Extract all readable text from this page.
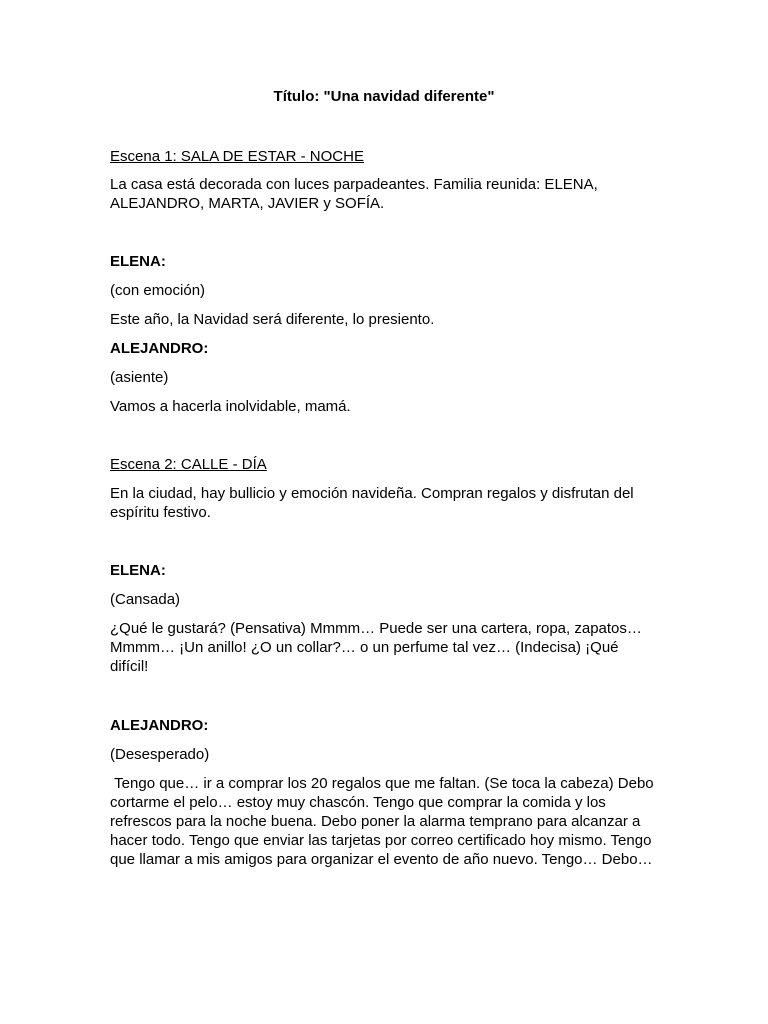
Título: "Una navidad diferente"

Escena 1: SALA DE ESTAR - NOCHE

La casa está decorada con luces parpadeantes. Familia reunida: ELENA, ALEJANDRO, MARTA, JAVIER y SOFÍA.

ELENA:

(con emoción)

Este año, la Navidad será diferente, lo presiento.

ALEJANDRO:

(asiente)

Vamos a hacerla inolvidable, mamá.

Escena 2: CALLE - DÍA

En la ciudad, hay bullicio y emoción navideña. Compran regalos y disfrutan del espíritu festivo.

ELENA:

(Cansada)

¿Qué le gustará? (Pensativa) Mmmm… Puede ser una cartera, ropa, zapatos… Mmmm… ¡Un anillo! ¿O un collar?… o un perfume tal vez… (Indecisa) ¡Qué difícil!

ALEJANDRO:

(Desesperado)

Tengo que… ir a comprar los 20 regalos que me faltan. (Se toca la cabeza) Debo cortarme el pelo… estoy muy chascón. Tengo que comprar la comida y los refrescos para la noche buena. Debo poner la alarma temprano para alcanzar a hacer todo. Tengo que enviar las tarjetas por correo certificado hoy mismo. Tengo que llamar a mis amigos para organizar el evento de año nuevo. Tengo… Debo…
